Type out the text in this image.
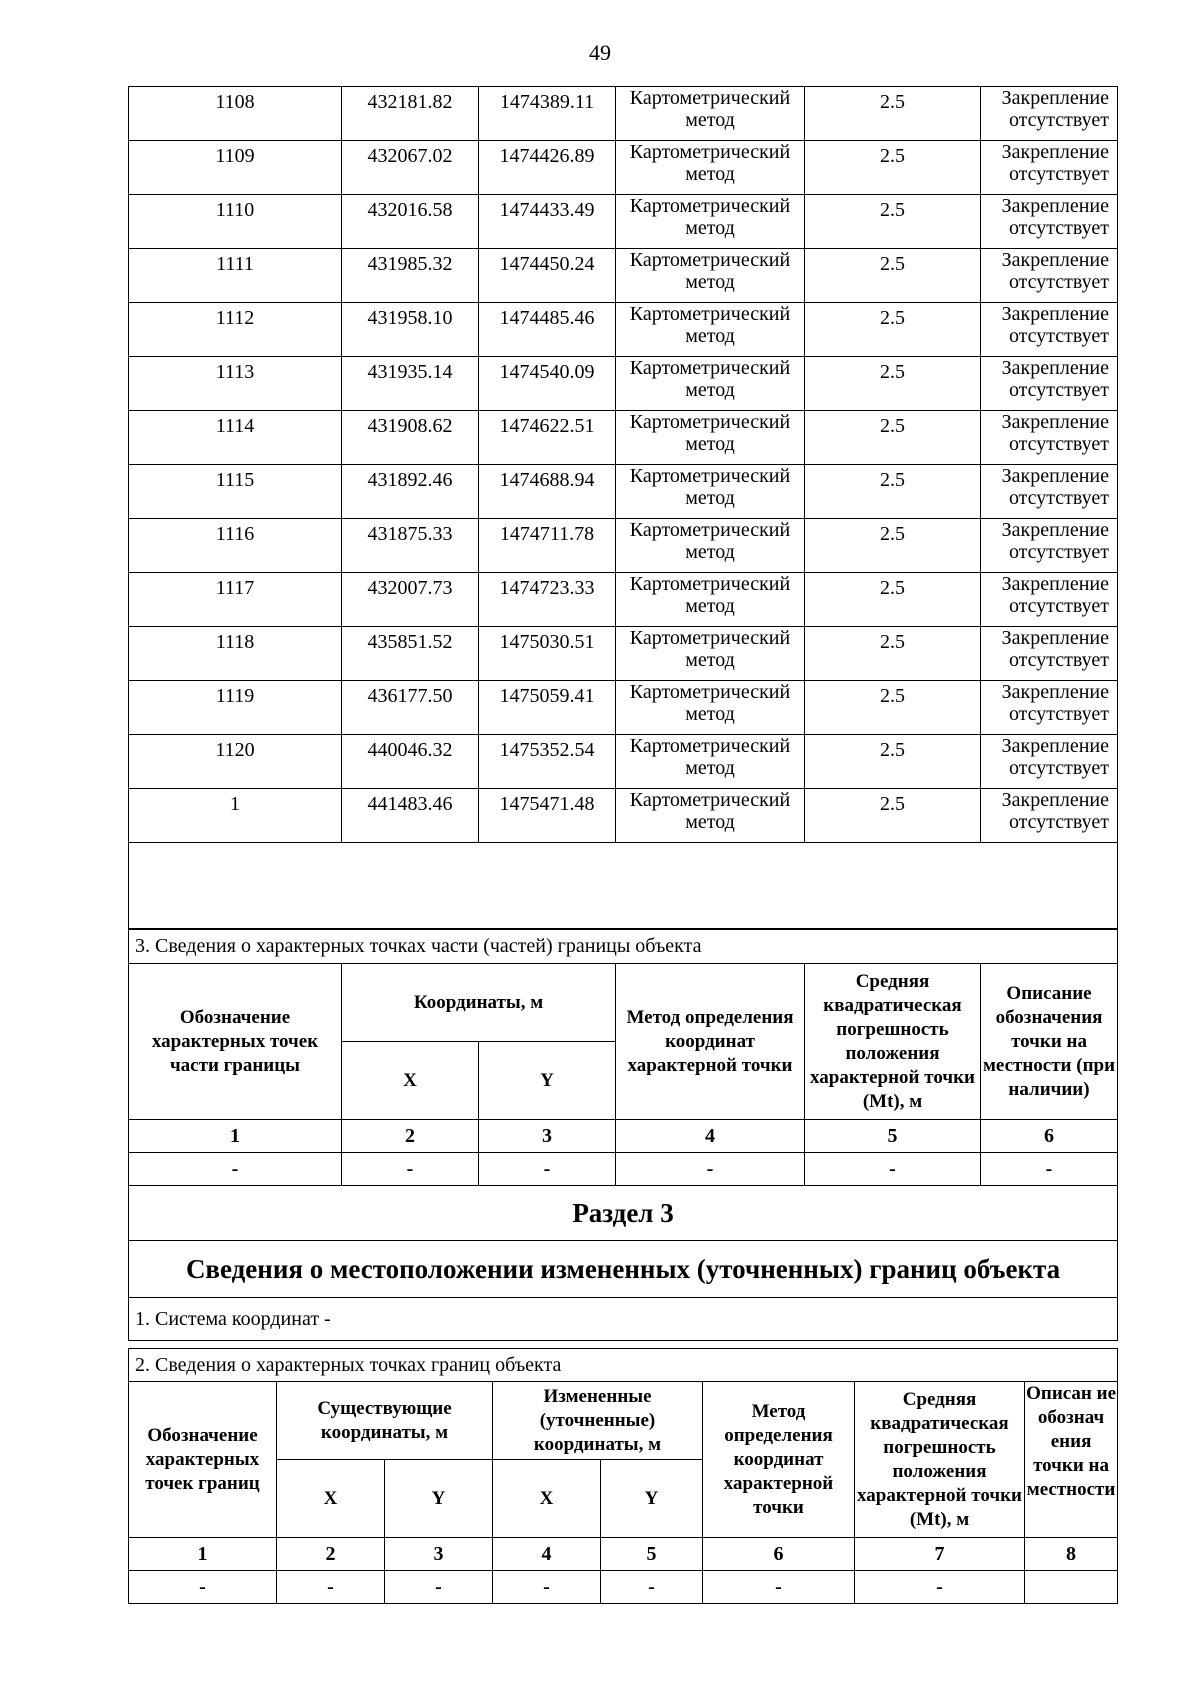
49
1108	432181.82	1474389.11	Картометрический метод	2.5	Закрепление отсутствует
1109	432067.02	1474426.89	Картометрический метод	2.5	Закрепление отсутствует
1110	432016.58	1474433.49	Картометрический метод	2.5	Закрепление отсутствует
1111	431985.32	1474450.24	Картометрический метод	2.5	Закрепление отсутствует
1112	431958.10	1474485.46	Картометрический метод	2.5	Закрепление отсутствует
1113	431935.14	1474540.09	Картометрический метод	2.5	Закрепление отсутствует
1114	431908.62	1474622.51	Картометрический метод	2.5	Закрепление отсутствует
1115	431892.46	1474688.94	Картометрический метод	2.5	Закрепление отсутствует
1116	431875.33	1474711.78	Картометрический метод	2.5	Закрепление отсутствует
1117	432007.73	1474723.33	Картометрический метод	2.5	Закрепление отсутствует
1118	435851.52	1475030.51	Картометрический метод	2.5	Закрепление отсутствует
1119	436177.50	1475059.41	Картометрический метод	2.5	Закрепление отсутствует
1120	440046.32	1475352.54	Картометрический метод	2.5	Закрепление отсутствует
1	441483.46	1475471.48	Картометрический метод	2.5	Закрепление отсутствует

3. Сведения о характерных точках части (частей) границы объекта					
Обозначение характерных точек части границы	Координаты, м		Метод определения координат характерной точки	Средняя квадратическая погрешность положения характерной точки (Mt), м	Описание обозначения точки на местности (при наличии)
	X	Y			
1	2	3	4	5	6
-	-	-	-	-	-
Раздел 3					
Сведения о местоположении измененных (уточненных) границ объекта					
1. Система координат -					
2. Сведения о характерных точках границ объекта							
Обозначение характерных точек границ	Существующие координаты, м		Измененные (уточненные) координаты, м		Метод определения координат характерной точки	Средняя квадратическая погрешность положения характерной точки (Mt), м	Описан ие обознач ения точки на местности

	X	Y	X	Y			
1	2	3	4	5	6	7	8
-	-	-	-	-	-	-	
